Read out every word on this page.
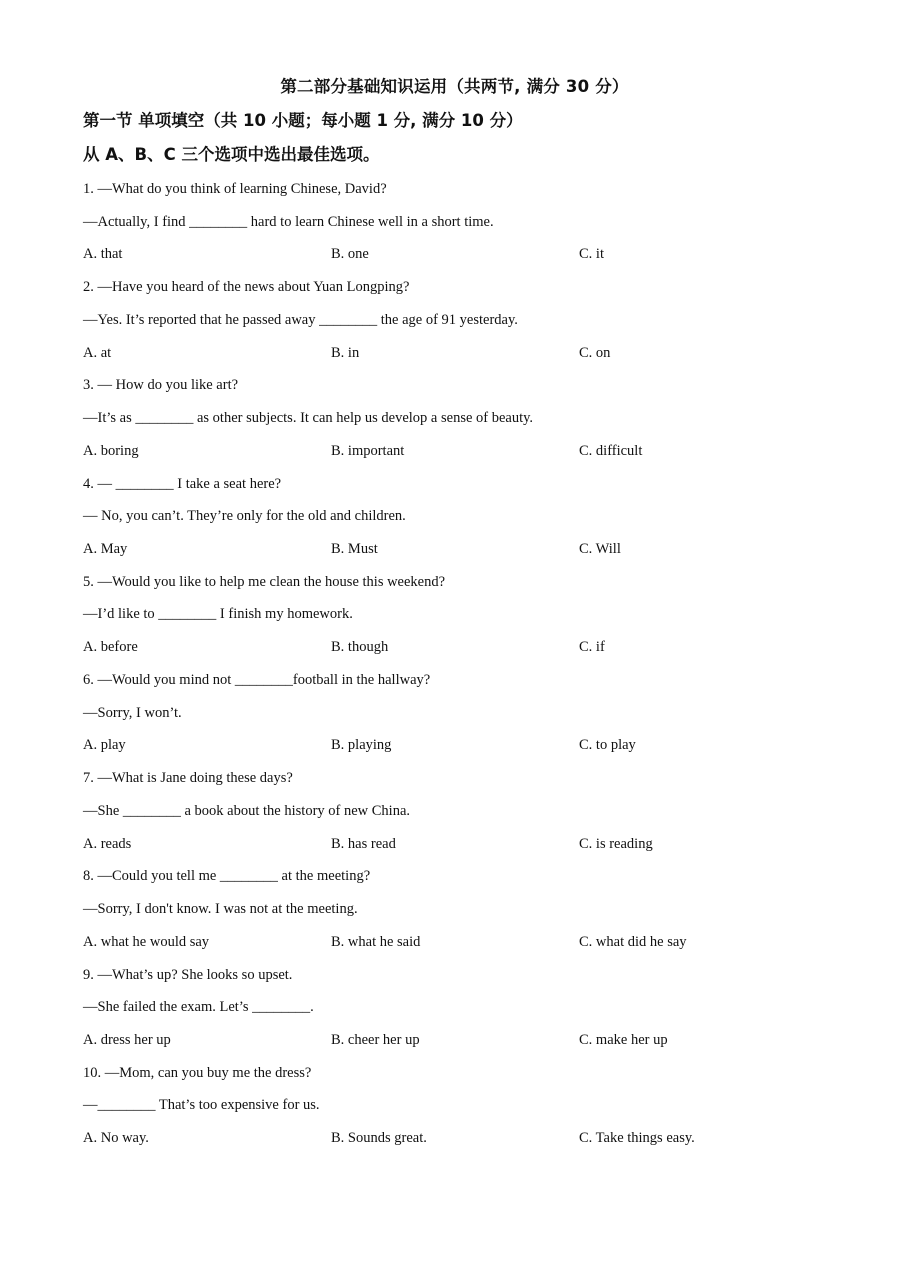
第二部分基础知识运用（共两节, 满分 30 分）
第一节 单项填空（共 10 小题；每小题 1 分, 满分 10 分）
从 A、B、C 三个选项中选出最佳选项。
1. —What do you think of learning Chinese, David?
—Actually, I find ________ hard to learn Chinese well in a short time.
A. that	B. one	C. it
2. —Have you heard of the news about Yuan Longping?
—Yes. It’s reported that he passed away ________ the age of 91 yesterday.
A. at	B. in	C. on
3. — How do you like art?
—It’s as ________ as other subjects. It can help us develop a sense of beauty.
A. boring	B. important	C. difficult
4. — ________ I take a seat here?
— No, you can’t. They’re only for the old and children.
A. May	B. Must	C. Will
5. —Would you like to help me clean the house this weekend?
—I’d like to ________ I finish my homework.
A. before	B. though	C. if
6. —Would you mind not ________football in the hallway?
—Sorry, I won’t.
A. play	B. playing	C. to play
7. —What is Jane doing these days?
—She ________ a book about the history of new China.
A. reads	B. has read	C. is reading
8. —Could you tell me ________ at the meeting?
—Sorry, I don't know. I was not at the meeting.
A. what he would say	B. what he said	C. what did he say
9. —What’s up? She looks so upset.
—She failed the exam. Let’s ________.
A. dress her up	B. cheer her up	C. make her up
10. —Mom, can you buy me the dress?
—________ That’s too expensive for us.
A. No way.	B. Sounds great.	C. Take things easy.
